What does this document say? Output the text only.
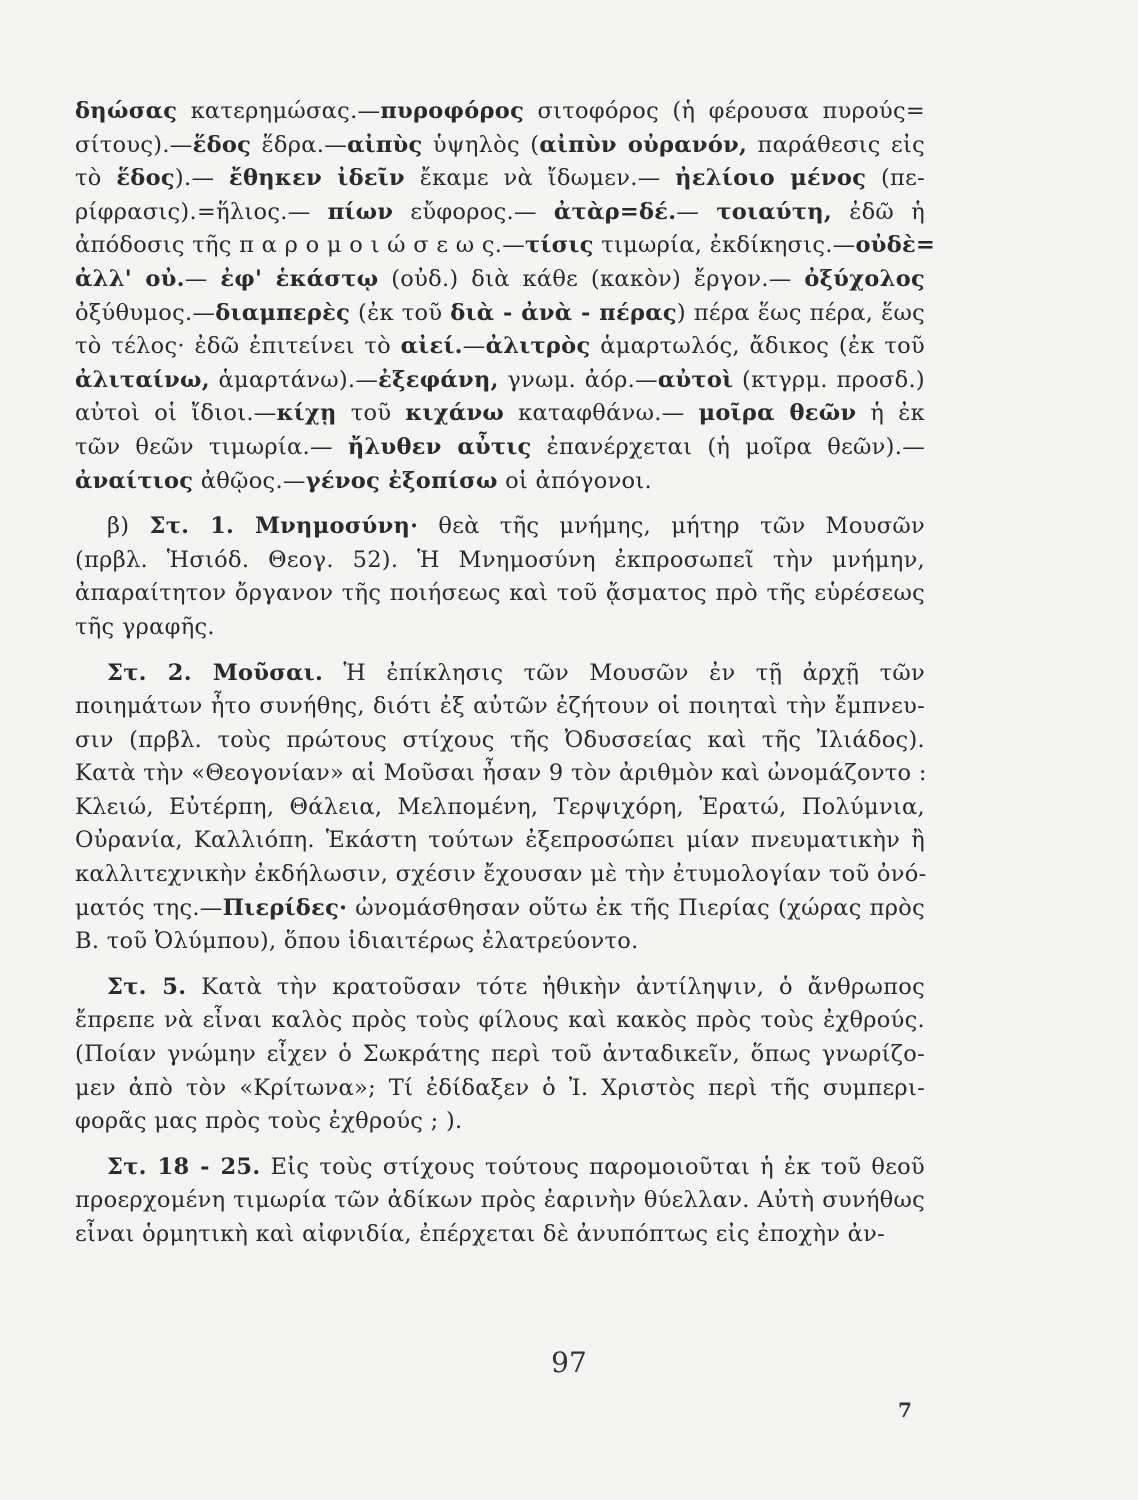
δηώσας κατερημώσας.—πυροφόρος σιτοφόρος (ἡ φέρουσα πυρούς=
σίτους).—ἕδος ἕδρα.—αἰπὺς ὑψηλὸς (αἰπὺν οὐρανόν, παράθεσις εἰς
τὸ ἕδος).— ἔθηκεν ἰδεῖν ἔκαμε νὰ ἴδωμεν.— ἠελίοιο μένος (πε-
ρίφρασις).=ἥλιος.— πίων εὔφορος.— ἀτὰρ=δέ.— τοιαύτη, ἐδῶ ἡ
ἀπόδοσις τῆς π α ρ ο μ ο ι ώ σ ε ω ς.—τίσις τιμωρία, ἐκδίκησις.—οὐδὲ=
ἀλλ' οὐ.— ἐφ' ἑκάστῳ (οὐδ.) διὰ κάθε (κακὸν) ἔργον.— ὀξύχολος
ὀξύθυμος.—διαμπερὲς (ἐκ τοῦ διὰ - ἀνὰ - πέρας) πέρα ἕως πέρα, ἕως
τὸ τέλος· ἐδῶ ἐπιτείνει τὸ αἰεί.—ἀλιτρὸς ἁμαρτωλός, ἄδικος (ἐκ τοῦ
ἀλιταίνω, ἁμαρτάνω).—ἐξεφάνη, γνωμ. ἀόρ.—αὐτοὶ (κτγρμ. προσδ.)
αὐτοὶ οἱ ἴδιοι.—κίχῃ τοῦ κιχάνω καταφθάνω.— μοῖρα θεῶν ἡ ἐκ
τῶν θεῶν τιμωρία.— ἤλυθεν αὖτις ἐπανέρχεται (ἡ μοῖρα θεῶν).—
ἀναίτιος ἀθῷος.—γένος ἐξοπίσω οἱ ἀπόγονοι.
β) Στ. 1. Μνημοσύνη· θεὰ τῆς μνήμης, μήτηρ τῶν Μουσῶν
(πρβλ. Ἡσιόδ. Θεογ. 52). Ἡ Μνημοσύνη ἐκπροσωπεῖ τὴν μνήμην,
ἀπαραίτητον ὄργανον τῆς ποιήσεως καὶ τοῦ ᾄσματος πρὸ τῆς εὑρέσεως
τῆς γραφῆς.
Στ. 2. Μοῦσαι. Ἡ ἐπίκλησις τῶν Μουσῶν ἐν τῇ ἀρχῇ τῶν
ποιημάτων ἦτο συνήθης, διότι ἐξ αὐτῶν ἐζήτουν οἱ ποιηταὶ τὴν ἔμπνευ-
σιν (πρβλ. τοὺς πρώτους στίχους τῆς Ὀδυσσείας καὶ τῆς Ἰλιάδος).
Κατὰ τὴν «Θεογονίαν» αἱ Μοῦσαι ἦσαν 9 τὸν ἀριθμὸν καὶ ὠνομάζοντο :
Κλειώ, Εὐτέρπη, Θάλεια, Μελπομένη, Τερψιχόρη, Ἐρατώ, Πολύμνια,
Οὐρανία, Καλλιόπη. Ἑκάστη τούτων ἐξεπροσώπει μίαν πνευματικὴν ἢ
καλλιτεχνικὴν ἐκδήλωσιν, σχέσιν ἔχουσαν μὲ τὴν ἐτυμολογίαν τοῦ ὀνό-
ματός της.—Πιερίδες· ὠνομάσθησαν οὕτω ἐκ τῆς Πιερίας (χώρας πρὸς
Β. τοῦ Ὀλύμπου), ὅπου ἰδιαιτέρως ἐλατρεύοντο.
Στ. 5. Κατὰ τὴν κρατοῦσαν τότε ἠθικὴν ἀντίληψιν, ὁ ἄνθρωπος
ἔπρεπε νὰ εἶναι καλὸς πρὸς τοὺς φίλους καὶ κακὸς πρὸς τοὺς ἐχθρούς.
(Ποίαν γνώμην εἶχεν ὁ Σωκράτης περὶ τοῦ ἀνταδικεῖν, ὅπως γνωρίζο-
μεν ἀπὸ τὸν «Κρίτωνα»; Τί ἐδίδαξεν ὁ Ἰ. Χριστὸς περὶ τῆς συμπερι-
φορᾶς μας πρὸς τοὺς ἐχθρούς ; ).
Στ. 18 - 25. Εἰς τοὺς στίχους τούτους παρομοιοῦται ἡ ἐκ τοῦ θεοῦ
προερχομένη τιμωρία τῶν ἀδίκων πρὸς ἐαρινὴν θύελλαν. Αὐτὴ συνήθως
εἶναι ὁρμητικὴ καὶ αἰφνιδία, ἐπέρχεται δὲ ἀνυπόπτως εἰς ἐποχὴν ἀν-
97
7
